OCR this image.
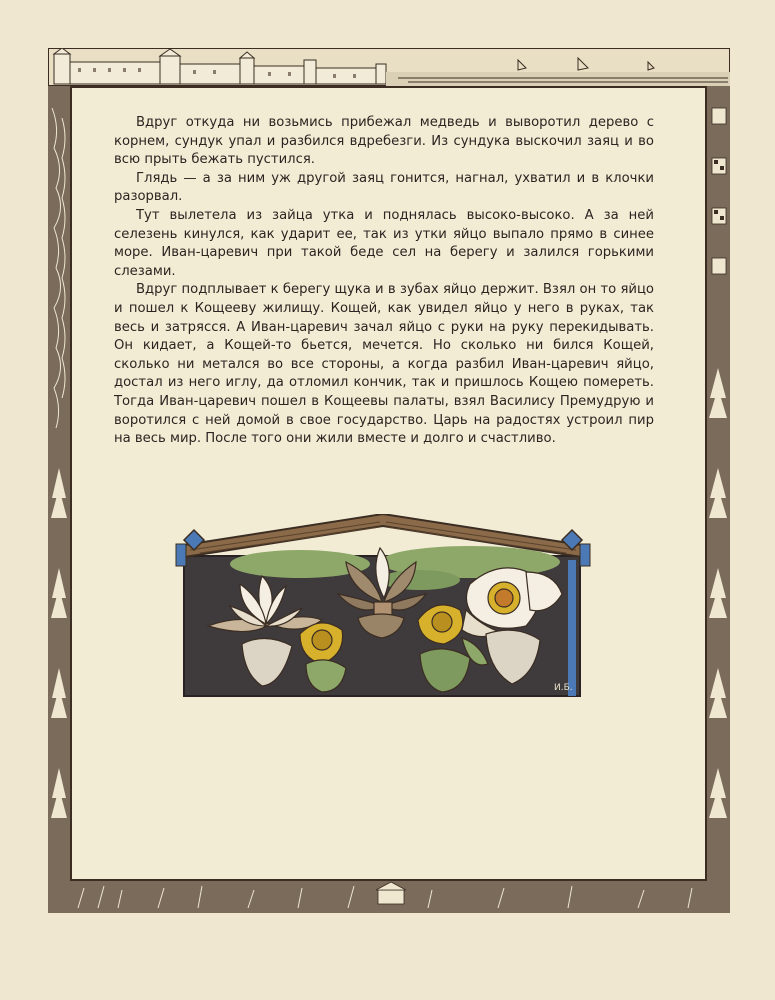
Вдруг откуда ни возьмись прибежал медведь и выворотил дерево с корнем, сундук упал и разбился вдребезги. Из сундука выскочил заяц и во всю прыть бежать пустился.

Глядь — а за ним уж другой заяц гонится, нагнал, ухватил и в клочки разорвал.

Тут вылетела из зайца утка и поднялась высоко-высоко. А за ней селезень кинулся, как ударит ее, так из утки яйцо выпало прямо в синее море. Иван-царевич при такой беде сел на берегу и залился горькими слезами.

Вдруг подплывает к берегу щука и в зубах яйцо держит. Взял он то яйцо и пошел к Кощееву жилищу. Кощей, как увидел яйцо у него в руках, так весь и затрясся. А Иван-царевич зачал яйцо с руки на руку перекидывать. Он кидает, а Кощей-то бьется, мечется. Но сколько ни бился Кощей, сколько ни метался во все стороны, а когда разбил Иван-царевич яйцо, достал из него иглу, да отломил кончик, так и пришлось Кощею помереть. Тогда Иван-царевич пошел в Кощеевы палаты, взял Василису Премудрую и воротился с ней домой в свое государство. Царь на радостях устроил пир на весь мир. После того они жили вместе и долго и счастливо.

И.Б.
